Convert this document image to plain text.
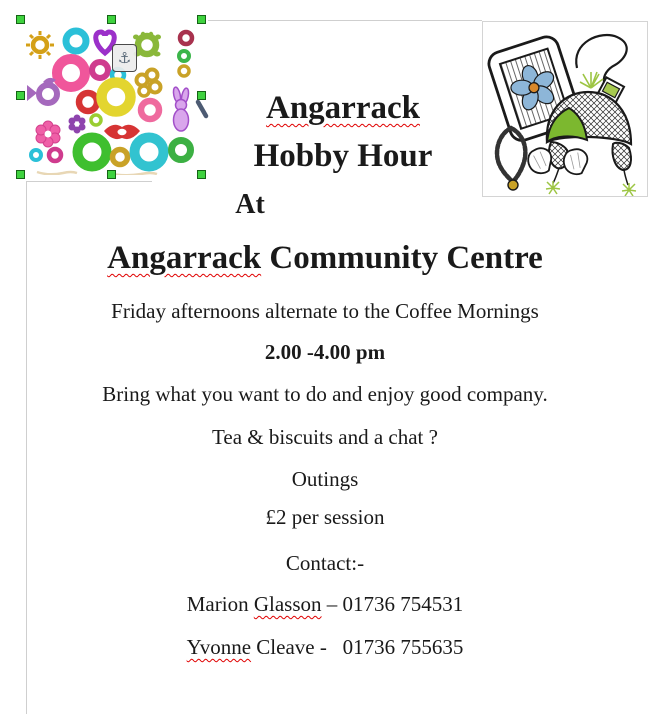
⚓
Angarrack
Hobby Hour
At
Angarrack Community Centre
Friday afternoons alternate to the Coffee Mornings
2.00 -4.00 pm
Bring what you want to do and enjoy good company.
Tea & biscuits and a chat ?
Outings
£2 per session
Contact:-
Marion Glasson – 01736 754531
Yvonne Cleave -   01736 755635
